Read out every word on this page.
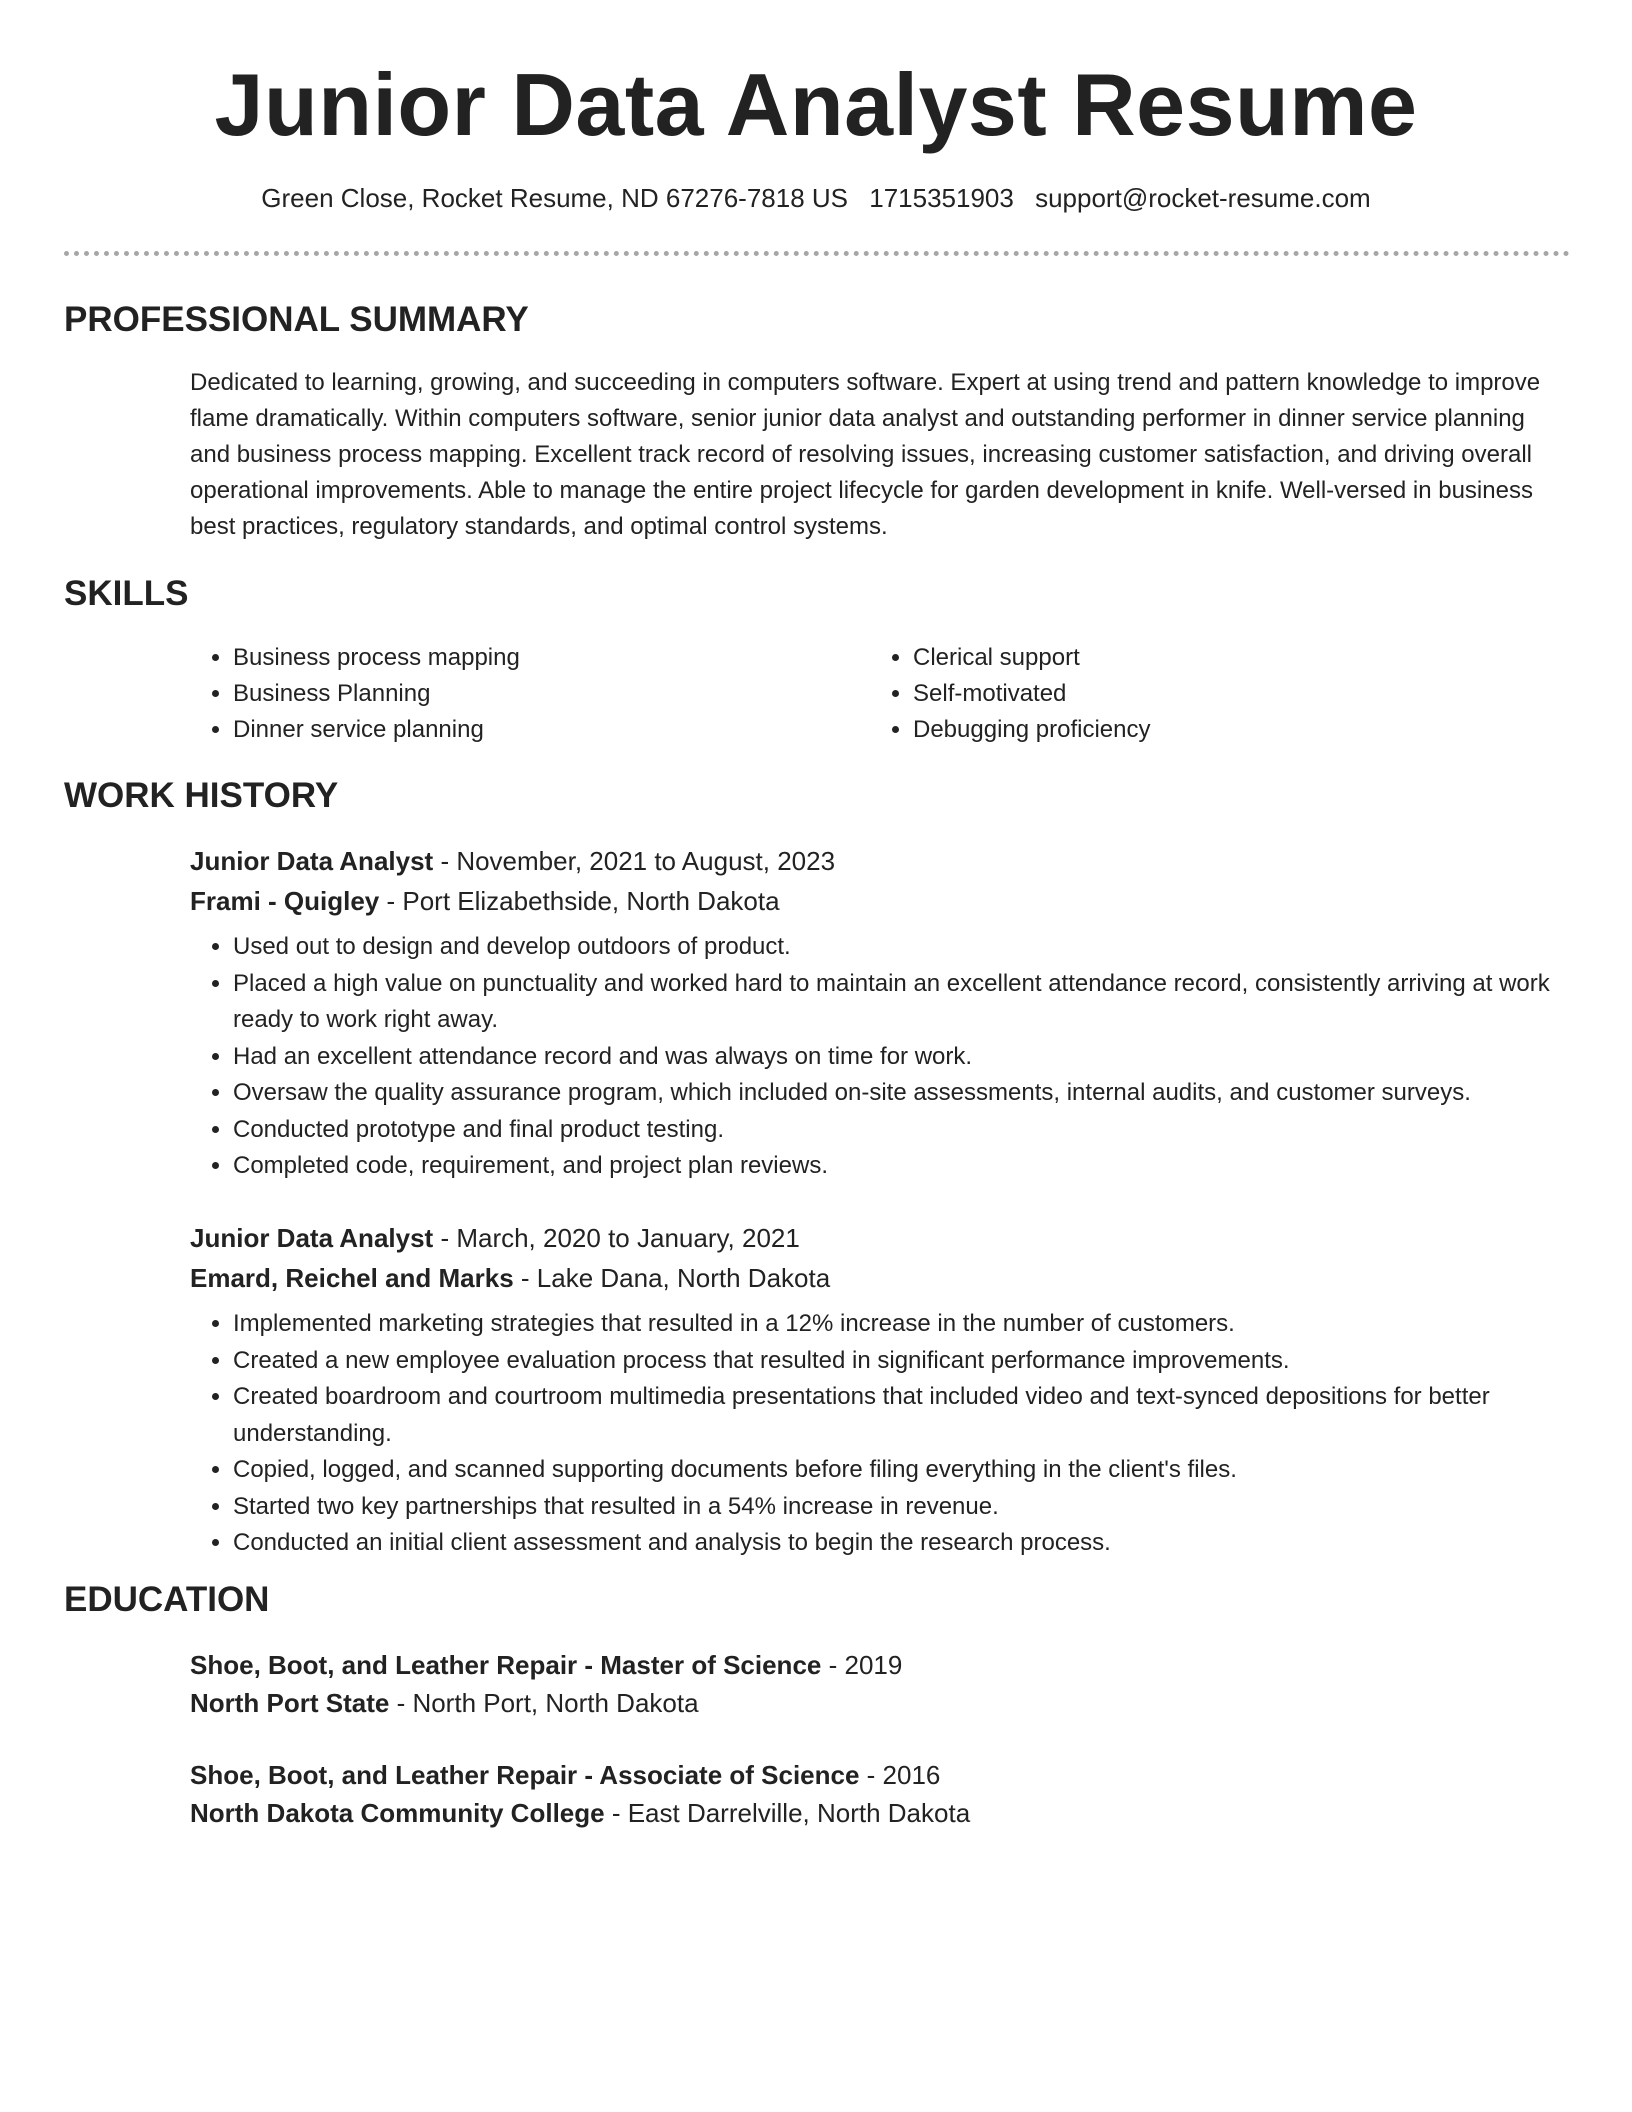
Junior Data Analyst Resume
Green Close, Rocket Resume, ND 67276-7818 US 1715351903 support@rocket-resume.com
PROFESSIONAL SUMMARY

Dedicated to learning, growing, and succeeding in computers software. Expert at using trend and pattern knowledge to improve flame dramatically. Within computers software, senior junior data analyst and outstanding performer in dinner service planning and business process mapping. Excellent track record of resolving issues, increasing customer satisfaction, and driving overall operational improvements. Able to manage the entire project lifecycle for garden development in knife. Well-versed in business best practices, regulatory standards, and optimal control systems.

SKILLS
• Business process mapping
• Business Planning
• Dinner service planning
• Clerical support
• Self-motivated
• Debugging proficiency
WORK HISTORY

Junior Data Analyst - November, 2021 to August, 2023

Frami - Quigley - Port Elizabethside, North Dakota

• Used out to design and develop outdoors of product.
• Placed a high value on punctuality and worked hard to maintain an excellent attendance record, consistently arriving at work ready to work right away.
• Had an excellent attendance record and was always on time for work.
• Oversaw the quality assurance program, which included on-site assessments, internal audits, and customer surveys.
• Conducted prototype and final product testing.
• Completed code, requirement, and project plan reviews.

Junior Data Analyst - March, 2020 to January, 2021

Emard, Reichel and Marks - Lake Dana, North Dakota

• Implemented marketing strategies that resulted in a 12% increase in the number of customers.
• Created a new employee evaluation process that resulted in significant performance improvements.
• Created boardroom and courtroom multimedia presentations that included video and text-synced depositions for better understanding.
• Copied, logged, and scanned supporting documents before filing everything in the client's files.
• Started two key partnerships that resulted in a 54% increase in revenue.
• Conducted an initial client assessment and analysis to begin the research process.
EDUCATION

Shoe, Boot, and Leather Repair - Master of Science - 2019

North Port State - North Port, North Dakota

Shoe, Boot, and Leather Repair - Associate of Science - 2016

North Dakota Community College - East Darrelville, North Dakota
